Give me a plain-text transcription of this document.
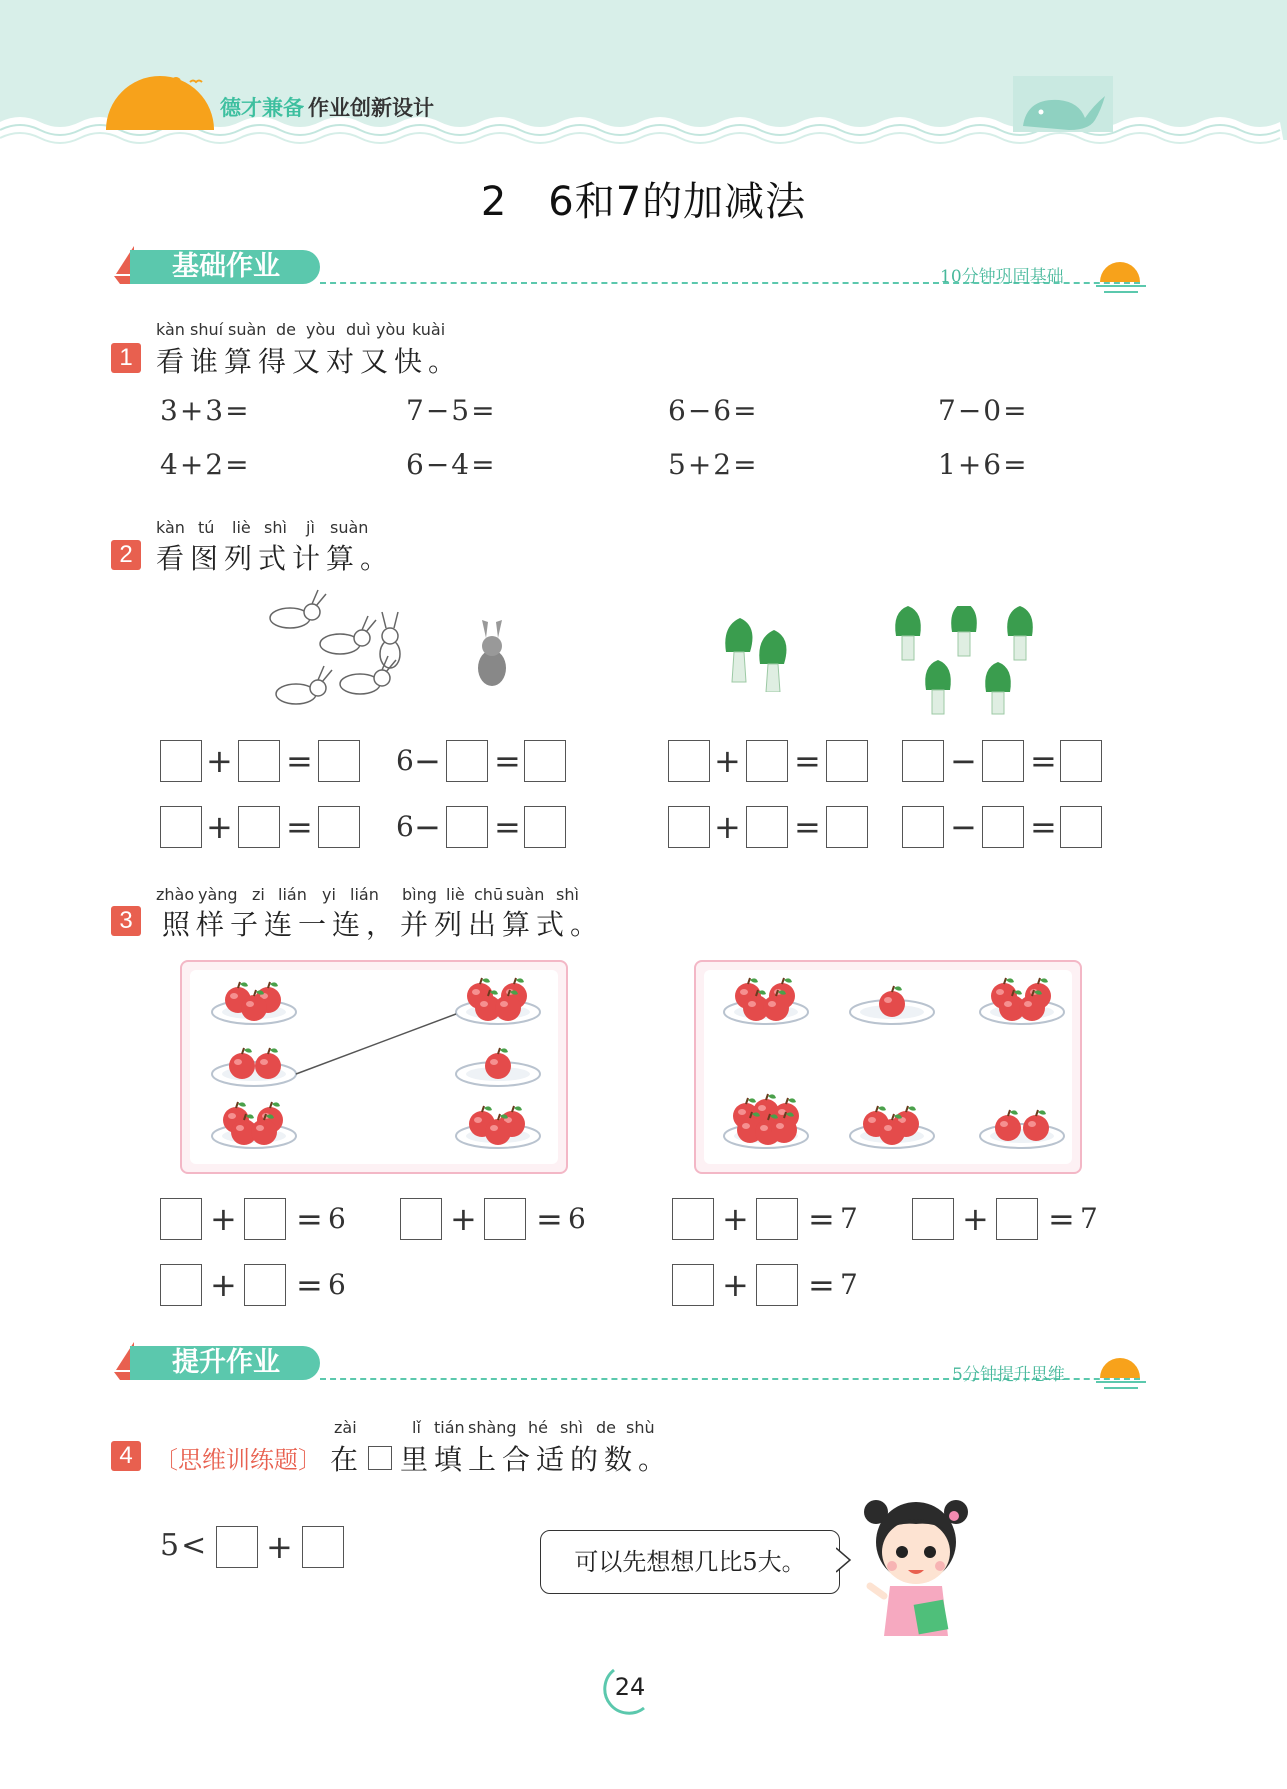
德才兼备 作业创新设计
2　6和7的加减法
基础作业	10分钟巩固基础
kàn shuí suàn de yòu duì yòu kuài
1 看谁算得又对又快。
3+3=	7−5=	6−6=	7−0=
4+2=	6−4=	5+2=	1+6=
kàn tú liè shì jì suàn
2 看图列式计算。
+ =	6 − =	+ =	− =
+ =	6 − =	+ =	− =
zhào yàng zi lián yi lián bìng liè chū suàn shì
3 照样子连一连，并列出算式。
+ = 6	+ = 6	+ = 7	+ = 7
+ = 6	+ = 7
提升作业	5分钟提升思维
zài	lǐ tián shàng hé shì de shù
4 〔思维训练题〕 在 里填上合适的数。
5< +	可以先想想几比5大。
24
